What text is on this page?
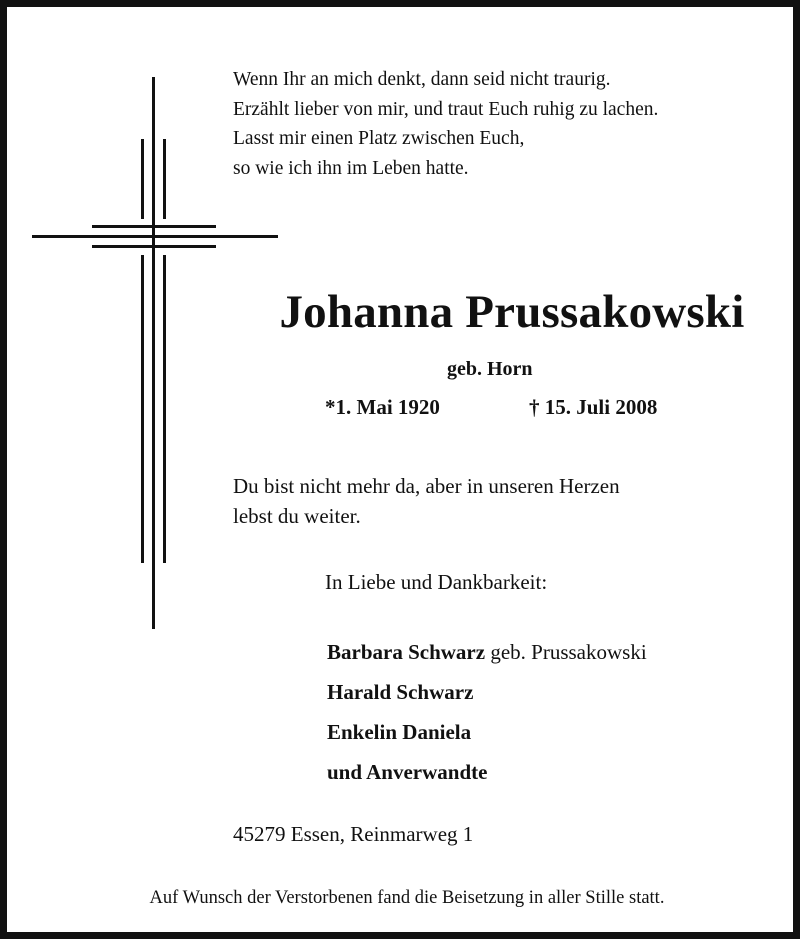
Wenn Ihr an mich denkt, dann seid nicht traurig.
Erzählt lieber von mir, und traut Euch ruhig zu lachen.
Lasst mir einen Platz zwischen Euch,
so wie ich ihn im Leben hatte.
Johanna Prussakowski
geb. Horn
*1. Mai 1920	† 15. Juli 2008
Du bist nicht mehr da, aber in unseren Herzen
lebst du weiter.
In Liebe und Dankbarkeit:
Barbara Schwarz geb. Prussakowski
Harald Schwarz
Enkelin Daniela
und Anverwandte
45279 Essen, Reinmarweg 1
Auf Wunsch der Verstorbenen fand die Beisetzung in aller Stille statt.
